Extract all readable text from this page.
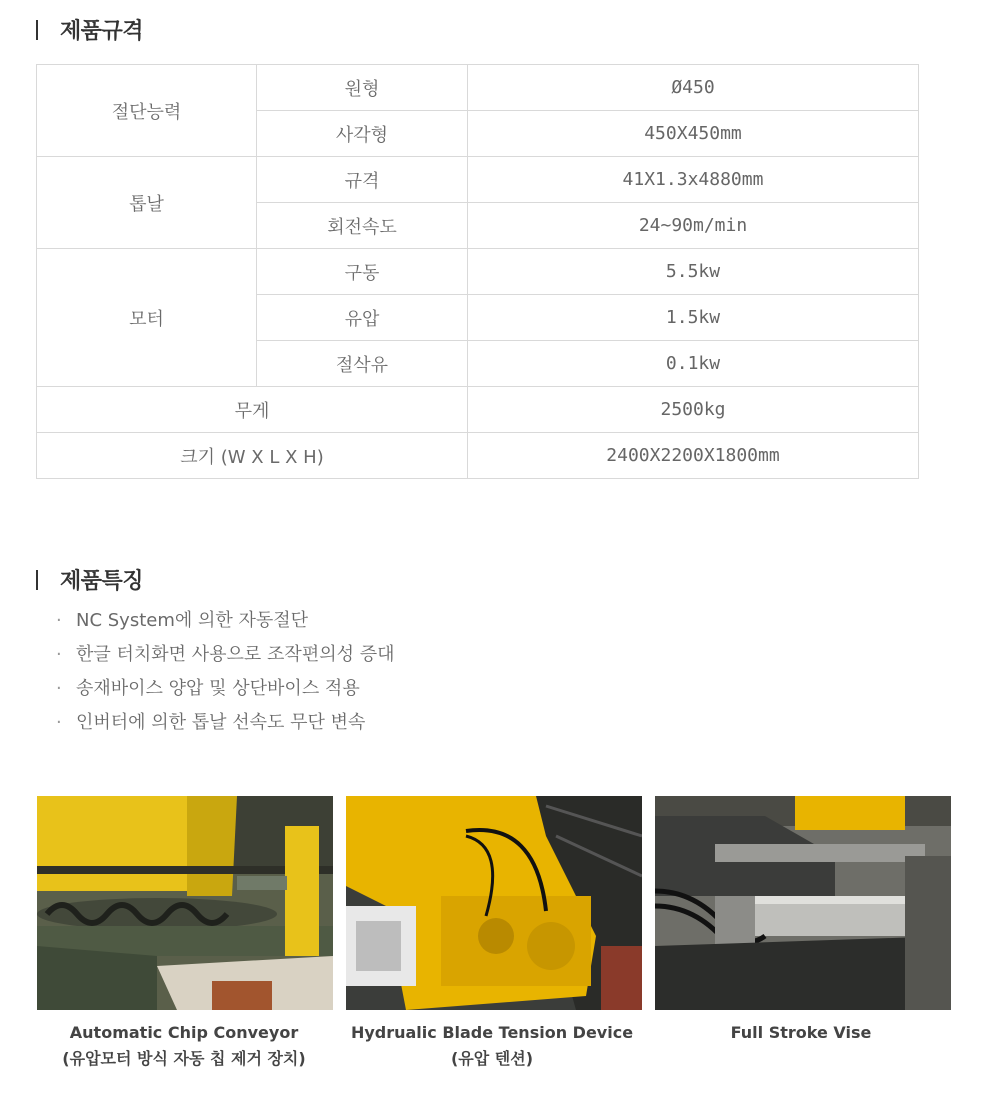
제품규격
절단능력	원형	Ø450
	사각형	450X450mm
톱날	규격	41X1.3x4880mm
	회전속도	24~90m/min
모터	구동	5.5kw
	유압	1.5kw
	절삭유	0.1kw
무게		2500kg
크기 (W X L X H)		2400X2200X1800mm
제품특징
· NC System에 의한 자동절단
· 한글 터치화면 사용으로 조작편의성 증대
· 송재바이스 양압 및 상단바이스 적용
· 인버터에 의한 톱날 선속도 무단 변속
Automatic Chip Conveyor
(유압모터 방식 자동 칩 제거 장치)
Hydrualic Blade Tension Device
(유압 텐션)
Full Stroke Vise
